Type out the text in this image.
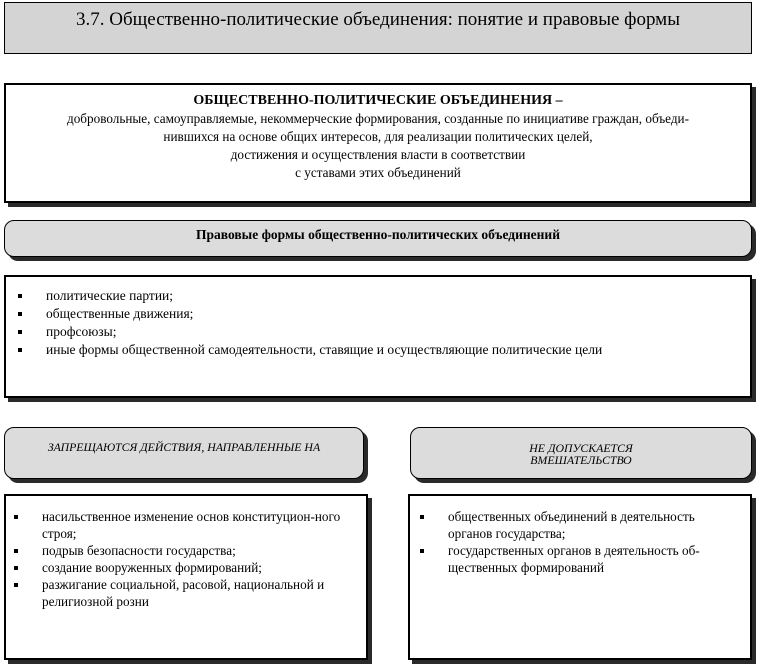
3.7. Общественно-политические объединения: понятие и правовые формы
ОБЩЕСТВЕННО-ПОЛИТИЧЕСКИЕ ОБЪЕДИНЕНИЯ –
добровольные, самоуправляемые, некоммерческие формирования, созданные по инициативе граждан, объеди-
нившихся на основе общих интересов, для реализации политических целей,
достижения и осуществления власти в соответствии
с уставами этих объединений
Правовые формы общественно-политических объединений
политические партии;
общественные движения;
профсоюзы;
иные формы общественной самодеятельности, ставящие и осуществляющие политические цели
ЗАПРЕЩАЮТСЯ ДЕЙСТВИЯ, НАПРАВЛЕННЫЕ НА
насильственное изменение основ конституцион-ного строя;
подрыв безопасности государства;
создание вооруженных формирований;
разжигание социальной, расовой, национальной и религиозной розни
НЕ ДОПУСКАЕТСЯ
ВМЕШАТЕЛЬСТВО
общественных объединений в деятельность органов государства;
государственных органов в деятельность об-щественных формирований
